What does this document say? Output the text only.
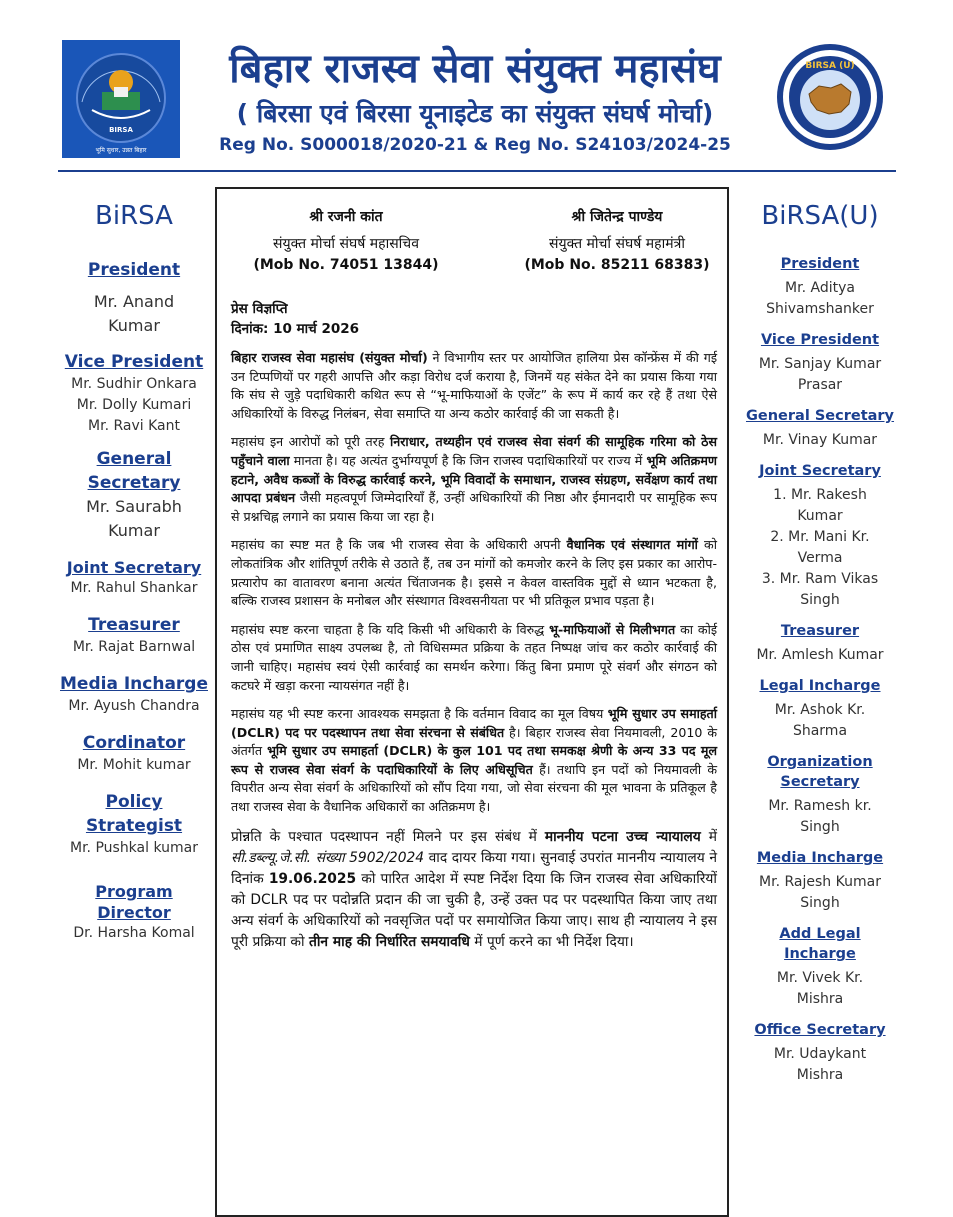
BIRSA
भूमि सुधार, उन्नत बिहार
बिहार राजस्व सेवा संयुक्त महासंघ
( बिरसा एवं बिरसा यूनाइटेड का संयुक्त संघर्ष मोर्चा)
Reg No. S000018/2020-21 & Reg No. S24103/2024-25
BIRSA (U)
BiRSA
President
Mr. Anand
Kumar
Vice President
Mr. Sudhir Onkara
Mr. Dolly Kumari
Mr. Ravi Kant
General
Secretary
Mr. Saurabh
Kumar
Joint Secretary
Mr. Rahul Shankar
Treasurer
Mr. Rajat Barnwal
Media Incharge
Mr. Ayush Chandra
Cordinator
Mr. Mohit kumar
Policy Strategist
Mr. Pushkal kumar
Program Director
Dr. Harsha Komal
श्री रजनी कांत
संयुक्त मोर्चा संघर्ष महासचिव
(Mob No. 74051 13844)
श्री जितेन्द्र पाण्डेय
संयुक्त मोर्चा संघर्ष महामंत्री
(Mob No. 85211 68383)
प्रेस विज्ञप्ति
दिनांक: 10 मार्च 2026

बिहार राजस्व सेवा महासंघ (संयुक्त मोर्चा) ने विभागीय स्तर पर आयोजित हालिया प्रेस कॉन्फ्रेंस में की गई उन टिप्पणियों पर गहरी आपत्ति और कड़ा विरोध दर्ज कराया है, जिनमें यह संकेत देने का प्रयास किया गया कि संघ से जुड़े पदाधिकारी कथित रूप से “भू-माफियाओं के एजेंट” के रूप में कार्य कर रहे हैं तथा ऐसे अधिकारियों के विरुद्ध निलंबन, सेवा समाप्ति या अन्य कठोर कार्रवाई की जा सकती है।

महासंघ इन आरोपों को पूरी तरह निराधार, तथ्यहीन एवं राजस्व सेवा संवर्ग की सामूहिक गरिमा को ठेस पहुँचाने वाला मानता है। यह अत्यंत दुर्भाग्यपूर्ण है कि जिन राजस्व पदाधिकारियों पर राज्य में भूमि अतिक्रमण हटाने, अवैध कब्जों के विरुद्ध कार्रवाई करने, भूमि विवादों के समाधान, राजस्व संग्रहण, सर्वेक्षण कार्य तथा आपदा प्रबंधन जैसी महत्वपूर्ण जिम्मेदारियाँ हैं, उन्हीं अधिकारियों की निष्ठा और ईमानदारी पर सामूहिक रूप से प्रश्नचिह्न लगाने का प्रयास किया जा रहा है।

महासंघ का स्पष्ट मत है कि जब भी राजस्व सेवा के अधिकारी अपनी वैधानिक एवं संस्थागत मांगों को लोकतांत्रिक और शांतिपूर्ण तरीके से उठाते हैं, तब उन मांगों को कमजोर करने के लिए इस प्रकार का आरोप-प्रत्यारोप का वातावरण बनाना अत्यंत चिंताजनक है। इससे न केवल वास्तविक मुद्दों से ध्यान भटकता है, बल्कि राजस्व प्रशासन के मनोबल और संस्थागत विश्वसनीयता पर भी प्रतिकूल प्रभाव पड़ता है।

महासंघ स्पष्ट करना चाहता है कि यदि किसी भी अधिकारी के विरुद्ध भू-माफियाओं से मिलीभगत का कोई ठोस एवं प्रमाणित साक्ष्य उपलब्ध है, तो विधिसम्मत प्रक्रिया के तहत निष्पक्ष जांच कर कठोर कार्रवाई की जानी चाहिए। महासंघ स्वयं ऐसी कार्रवाई का समर्थन करेगा। किंतु बिना प्रमाण पूरे संवर्ग और संगठन को कटघरे में खड़ा करना न्यायसंगत नहीं है।

महासंघ यह भी स्पष्ट करना आवश्यक समझता है कि वर्तमान विवाद का मूल विषय भूमि सुधार उप समाहर्ता (DCLR) पद पर पदस्थापन तथा सेवा संरचना से संबंधित है। बिहार राजस्व सेवा नियमावली, 2010 के अंतर्गत भूमि सुधार उप समाहर्ता (DCLR) के कुल 101 पद तथा समकक्ष श्रेणी के अन्य 33 पद मूल रूप से राजस्व सेवा संवर्ग के पदाधिकारियों के लिए अधिसूचित हैं। तथापि इन पदों को नियमावली के विपरीत अन्य सेवा संवर्ग के अधिकारियों को सौंप दिया गया, जो सेवा संरचना की मूल भावना के प्रतिकूल है तथा राजस्व सेवा के वैधानिक अधिकारों का अतिक्रमण है।

प्रोन्नति के पश्चात पदस्थापन नहीं मिलने पर इस संबंध में माननीय पटना उच्च न्यायालय में सी.डब्ल्यू.जे.सी. संख्या 5902/2024 वाद दायर किया गया। सुनवाई उपरांत माननीय न्यायालय ने दिनांक 19.06.2025 को पारित आदेश में स्पष्ट निर्देश दिया कि जिन राजस्व सेवा अधिकारियों को DCLR पद पर पदोन्नति प्रदान की जा चुकी है, उन्हें उक्त पद पर पदस्थापित किया जाए तथा अन्य संवर्ग के अधिकारियों को नवसृजित पदों पर समायोजित किया जाए। साथ ही न्यायालय ने इस पूरी प्रक्रिया को तीन माह की निर्धारित समयावधि में पूर्ण करने का भी निर्देश दिया।

BiRSA(U)
President
Mr. Aditya
Shivamshanker
Vice President
Mr. Sanjay Kumar
Prasar
General Secretary
Mr. Vinay Kumar
Joint Secretary
1. Mr. Rakesh
Kumar
2. Mr. Mani Kr.
Verma
3. Mr. Ram Vikas
Singh
Treasurer
Mr. Amlesh Kumar
Legal Incharge
Mr. Ashok Kr.
Sharma
Organization
Secretary
Mr. Ramesh kr.
Singh
Media Incharge
Mr. Rajesh Kumar
Singh
Add Legal
Incharge
Mr. Vivek Kr.
Mishra
Office Secretary
Mr. Udaykant
Mishra
